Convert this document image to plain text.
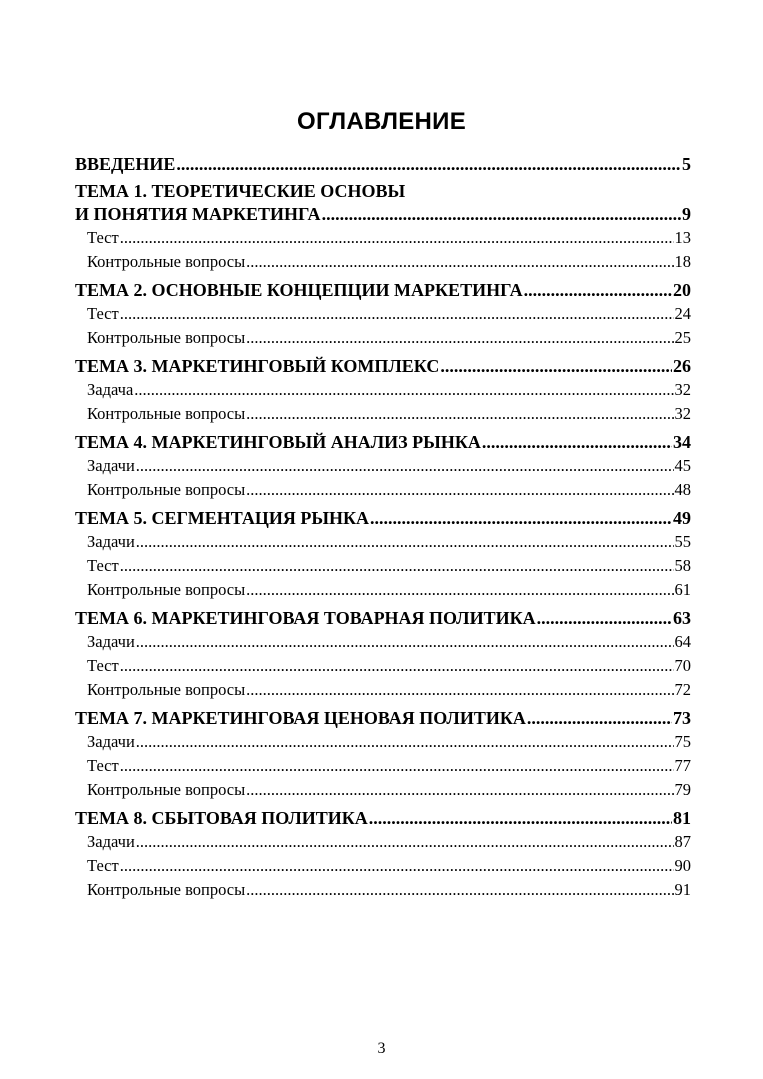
ОГЛАВЛЕНИЕ
ВВЕДЕНИЕ .....	5
ТЕМА 1. ТЕОРЕТИЧЕСКИЕ ОСНОВЫ
И ПОНЯТИЯ МАРКЕТИНГА .....	9
Тест .....	13
Контрольные вопросы .....	18
ТЕМА 2. ОСНОВНЫЕ КОНЦЕПЦИИ МАРКЕТИНГА .....	20
Тест .....	24
Контрольные вопросы .....	25
ТЕМА 3. МАРКЕТИНГОВЫЙ КОМПЛЕКС .....	26
Задача .....	32
Контрольные вопросы .....	32
ТЕМА 4. МАРКЕТИНГОВЫЙ АНАЛИЗ РЫНКА .....	34
Задачи .....	45
Контрольные вопросы .....	48
ТЕМА 5. СЕГМЕНТАЦИЯ РЫНКА .....	49
Задачи .....	55
Тест .....	58
Контрольные вопросы .....	61
ТЕМА 6. МАРКЕТИНГОВАЯ ТОВАРНАЯ ПОЛИТИКА .....	63
Задачи .....	64
Тест .....	70
Контрольные вопросы .....	72
ТЕМА 7. МАРКЕТИНГОВАЯ ЦЕНОВАЯ ПОЛИТИКА .....	73
Задачи .....	75
Тест .....	77
Контрольные вопросы .....	79
ТЕМА 8. СБЫТОВАЯ ПОЛИТИКА .....	81
Задачи .....	87
Тест .....	90
Контрольные вопросы .....	91
3
